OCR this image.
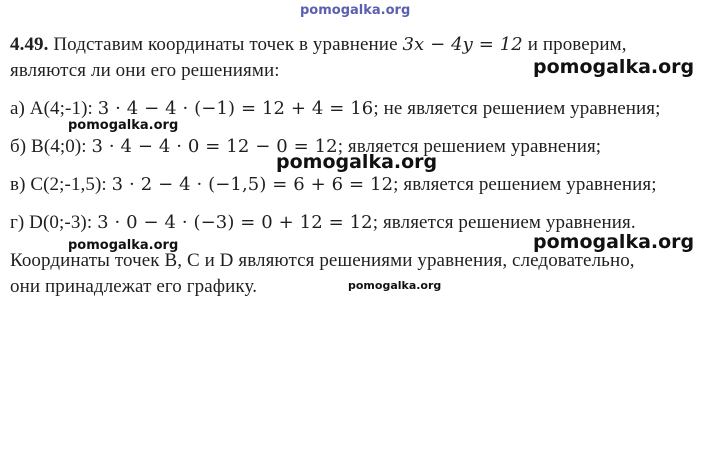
pomogalka.org
4.49. Подставим координаты точек в уравнение 3x − 4y = 12 и проверим,
являются ли они его решениями:
а) A(4;-1): 3 · 4 − 4 · (−1) = 12 + 4 = 16; не является решением уравнения;
б) B(4;0): 3 · 4 − 4 · 0 = 12 − 0 = 12; является решением уравнения;
в) C(2;-1,5): 3 · 2 − 4 · (−1,5) = 6 + 6 = 12; является решением уравнения;
г) D(0;-3): 3 · 0 − 4 · (−3) = 0 + 12 = 12; является решением уравнения.
Координаты точек B, C и D являются решениями уравнения, следовательно,
они принадлежат его графику.
pomogalka.org
pomogalka.org
pomogalka.org
pomogalka.org	pomogalka.org
pomogalka.org
